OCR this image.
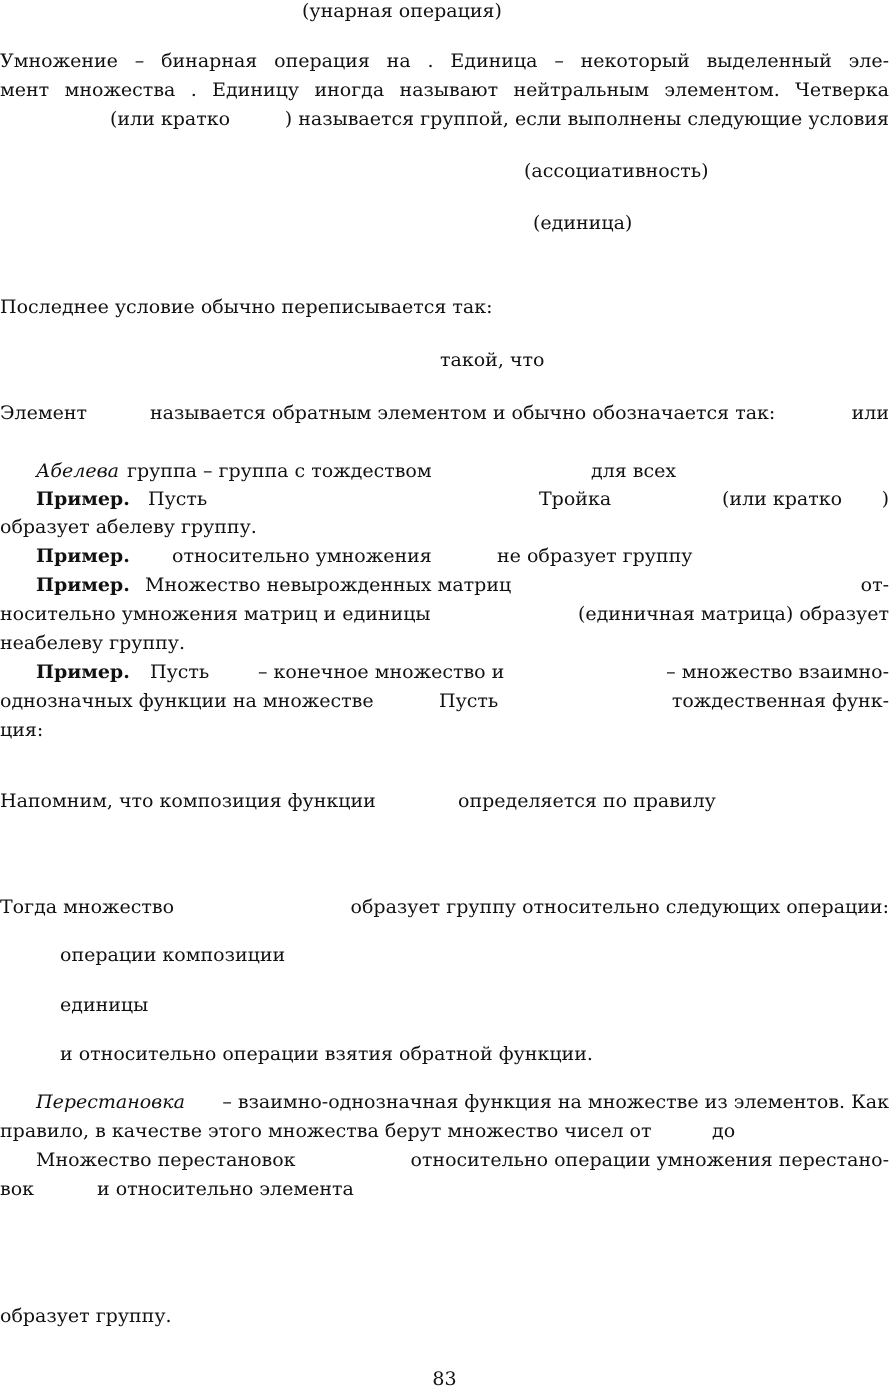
(унарная операция)
Умножение – бинарная операция на . Единица – некоторый выделенный эле-
мент множества . Единицу иногда называют нейтральным элементом. Четверка
(или кратко	) называется группой, если выполнены следующие условия
(ассоциативность)
(единица)
Последнее условие обычно переписывается так:
такой, что
Элемент	называется обратным элементом и обычно обозначается так:	или
Абелева группа – группа с тождеством	для всех
Пример. Пусть	Тройка	(или кратко )
образует абелеву группу.
Пример. относительно умножения	не образует группу
Пример. Множество невырожденных матриц	от-
носительно умножения матриц и единицы	(единичная матрица) образует
неабелеву группу.
Пример. Пусть	– конечное множество и	– множество взаимно-
однозначных функции на множестве	Пусть	тождественная функ-
ция:
Напомним, что композиция функции	определяется по правилу
Тогда множество	образует группу относительно следующих операции:
операции композиции
единицы
и относительно операции взятия обратной функции.
Перестановка – взаимно-однозначная функция на множестве из элементов. Как
правило, в качестве этого множества берут множество чисел от	до
Множество перестановок	относительно операции умножения перестано-
вок	и относительно элемента
образует группу.
83
